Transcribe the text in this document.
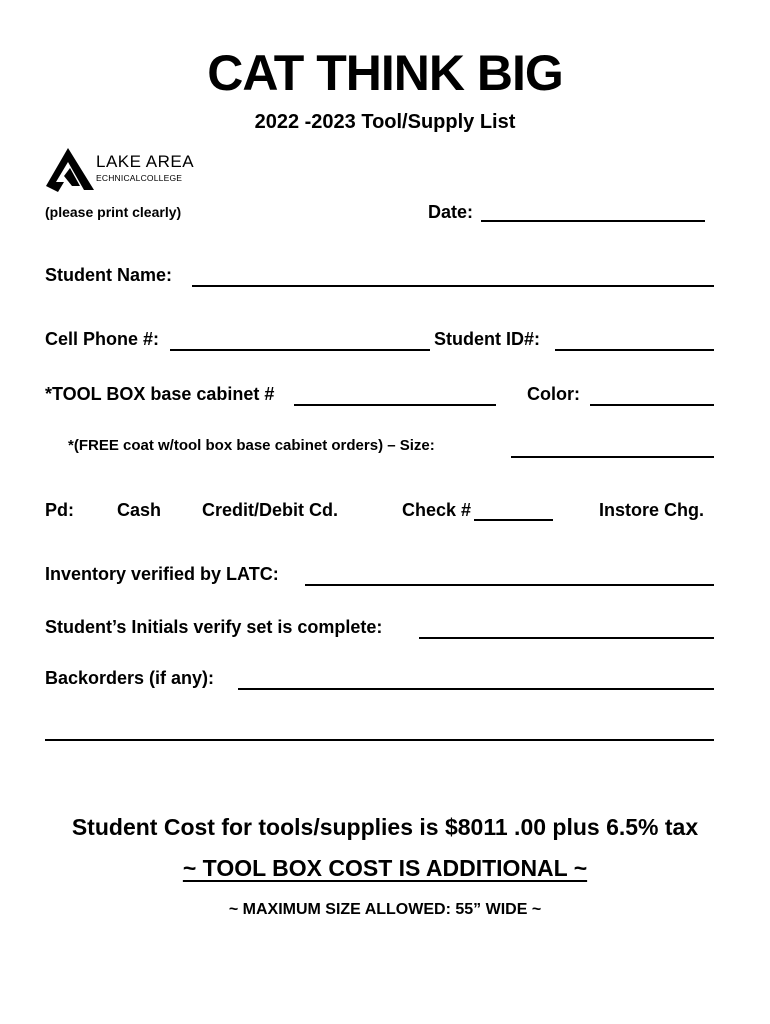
CAT THINK BIG
2022 -2023 Tool/Supply List
LAKE AREA
ECHNICALCOLLEGE
(please print clearly)	Date:
Student Name:
Cell Phone #:	Student ID#:
*TOOL BOX base cabinet #	Color:
*(FREE coat w/tool box base cabinet orders) – Size:
Pd: Cash Credit/Debit Cd.	Check #	Instore Chg.
Inventory verified by LATC:
Student’s Initials verify set is complete:
Backorders (if any):
Student Cost for tools/supplies is $8011 .00 plus 6.5% tax
~ TOOL BOX COST IS ADDITIONAL ~
~ MAXIMUM SIZE ALLOWED: 55” WIDE ~
